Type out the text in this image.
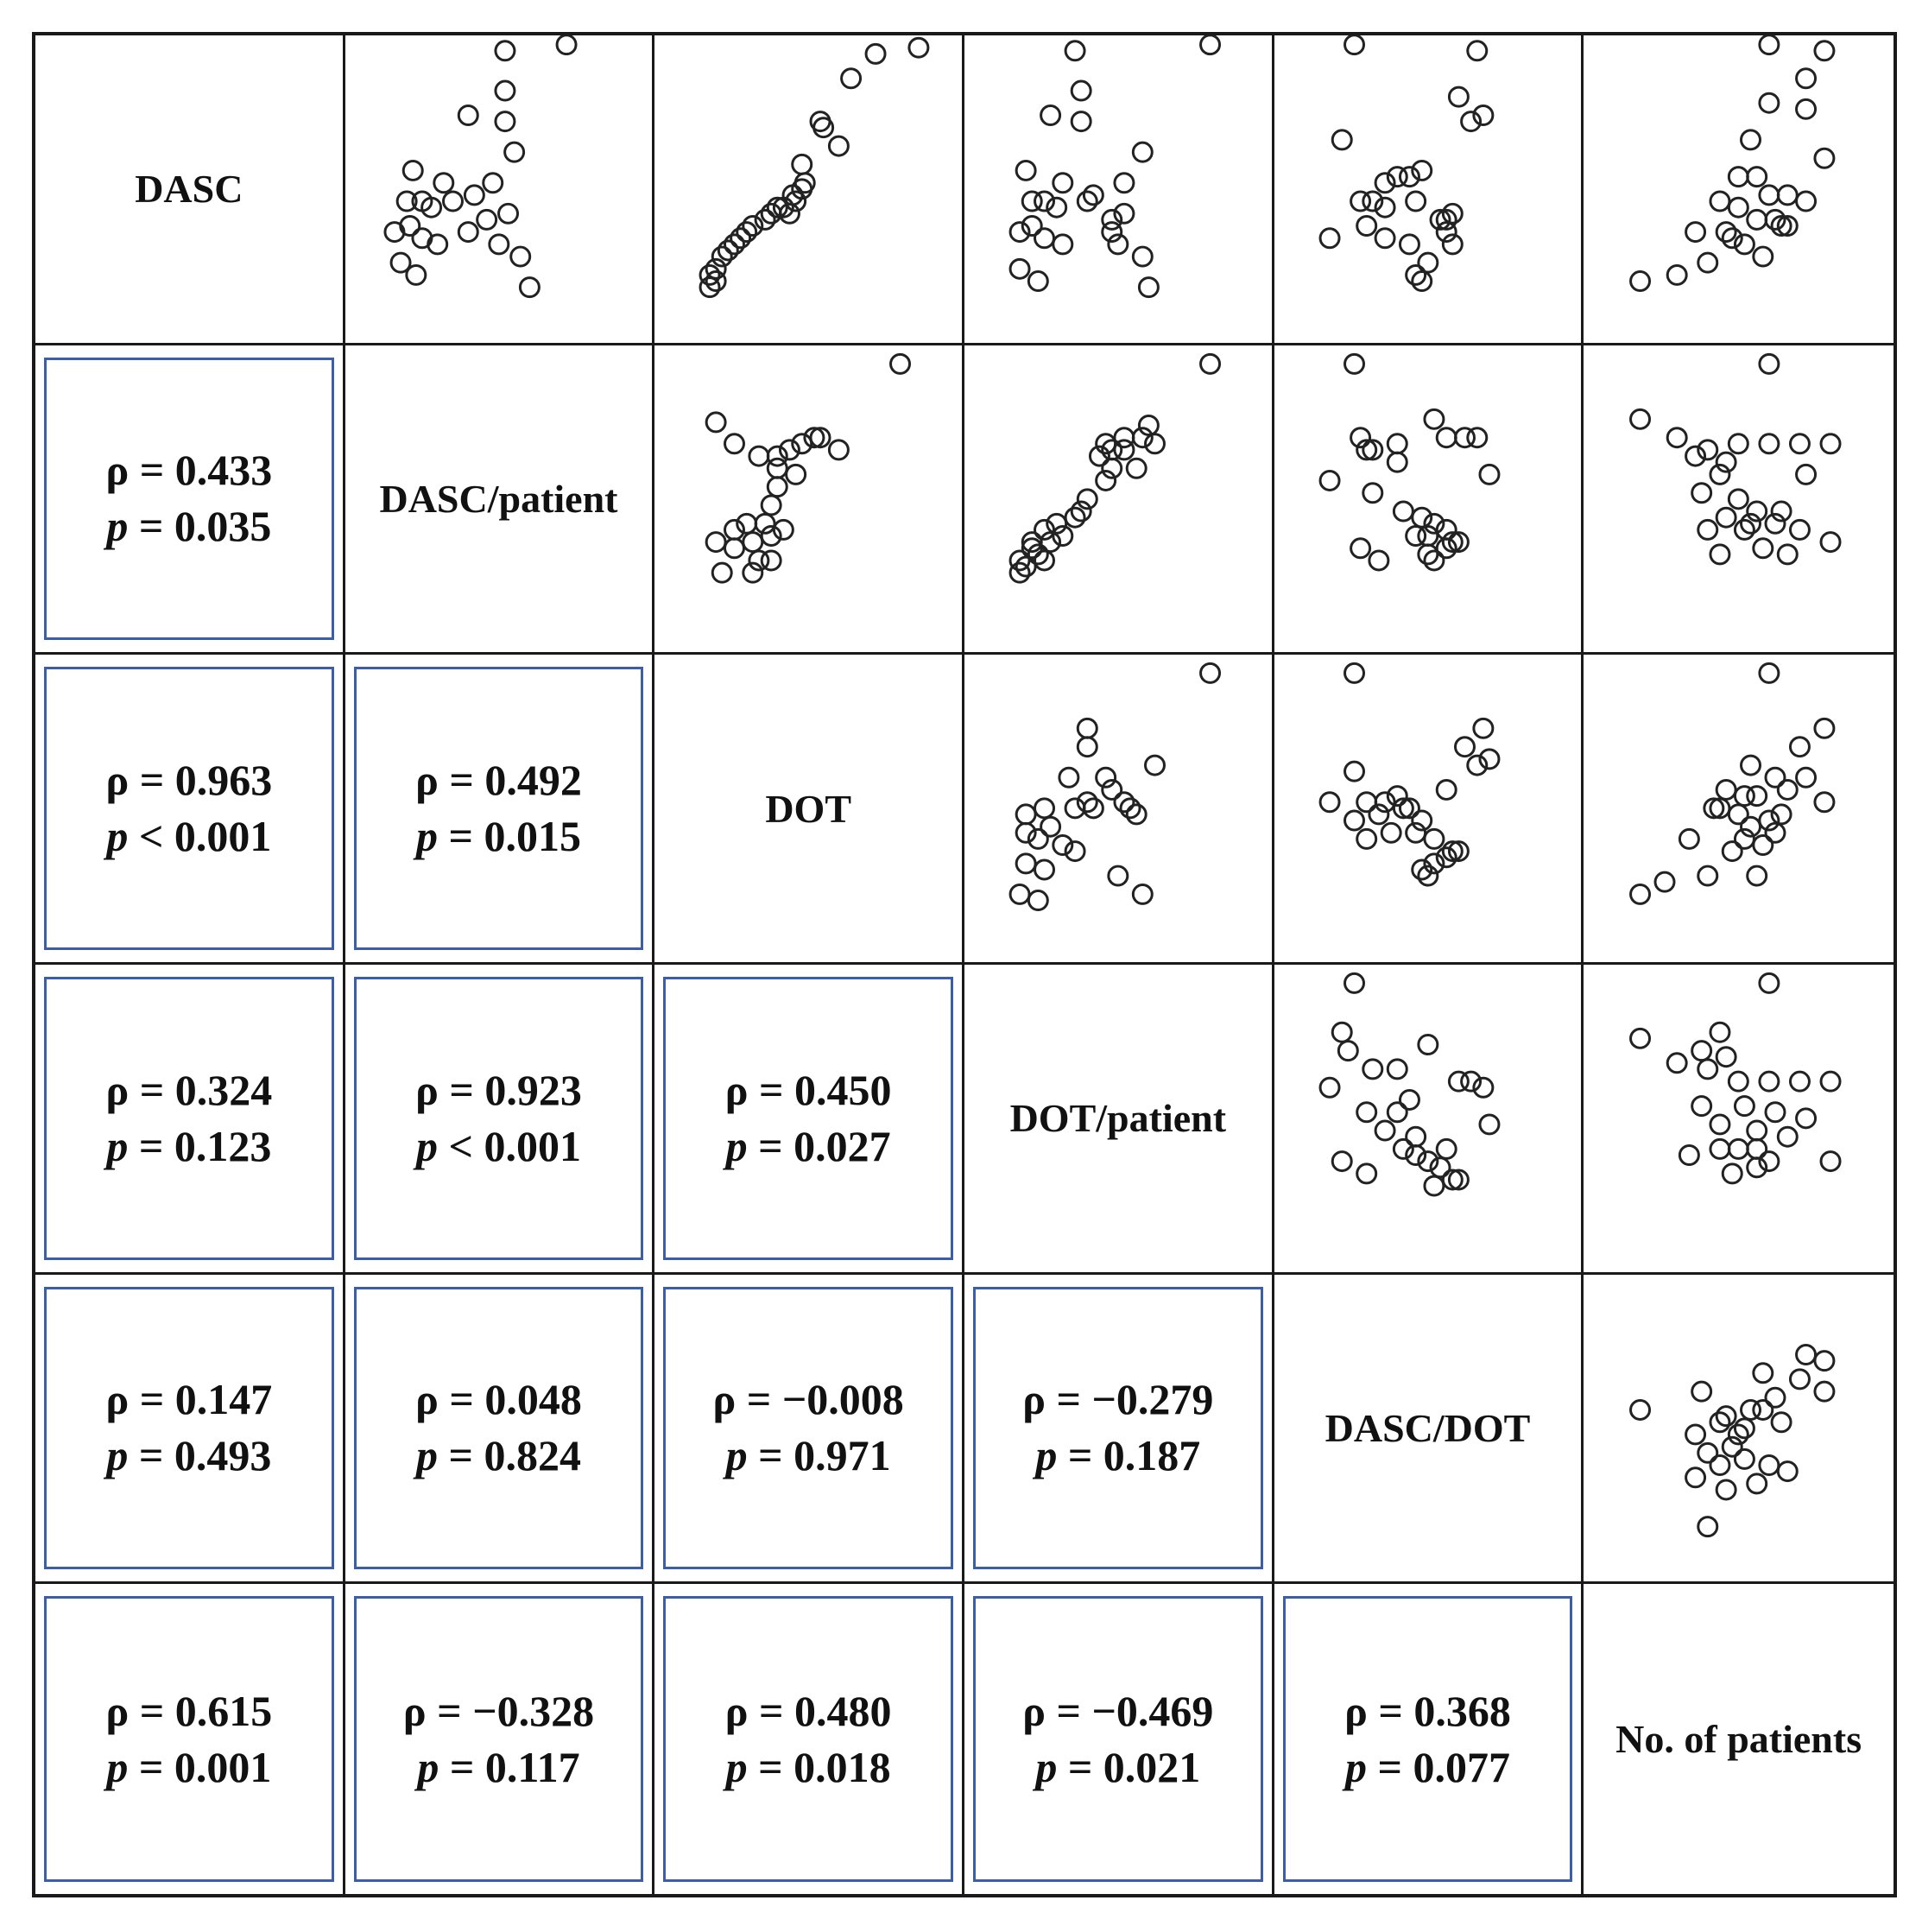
DASC
ρ = 0.433
p = 0.035
DASC/patient
ρ = 0.963
p < 0.001
ρ = 0.492
p = 0.015
DOT
ρ = 0.324
p = 0.123
ρ = 0.923
p < 0.001
ρ = 0.450
p = 0.027
DOT/patient
ρ = 0.147
p = 0.493
ρ = 0.048
p = 0.824
ρ = −0.008
p = 0.971
ρ = −0.279
p = 0.187
DASC/DOT
ρ = 0.615
p = 0.001
ρ = −0.328
p = 0.117
ρ = 0.480
p = 0.018
ρ = −0.469
p = 0.021
ρ = 0.368
p = 0.077
No. of patients
